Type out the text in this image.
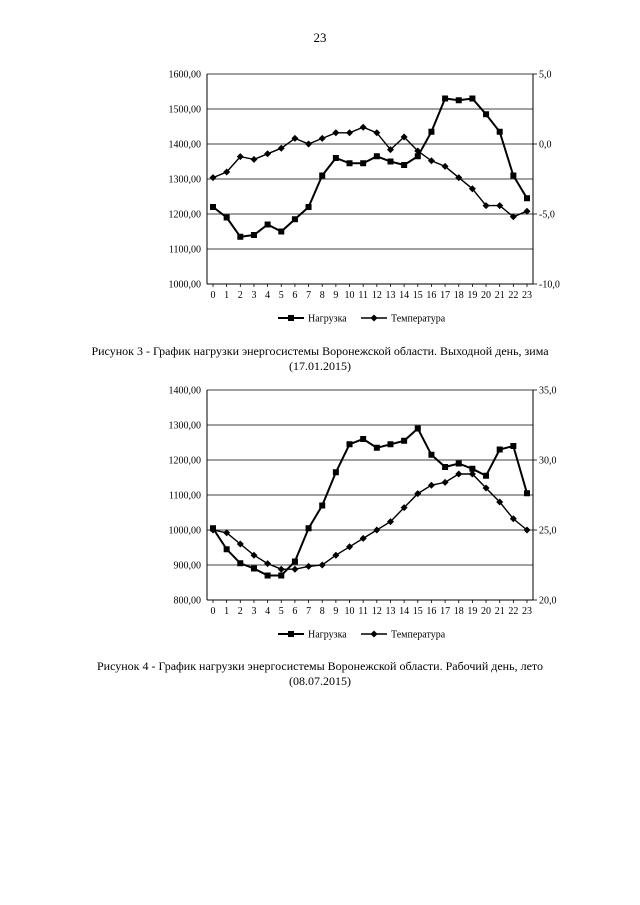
23
1000,00
1100,00
1200,00
1300,00
1400,00
1500,00
1600,00
-10,0
-5,0
0,0
5,0
0 1 2 3 4 5 6 7 8 9 10 11 12 13 14 15 16 17 18 19 20 21 22 23
Нагрузка	Температура
Рисунок 3 - График нагрузки энергосистемы Воронежской области. Выходной день, зима
(17.01.2015)
800,00
900,00
1000,00
1100,00
1200,00
1300,00
1400,00
20,0
25,0
30,0
35,0
0 1 2 3 4 5 6 7 8 9 10 11 12 13 14 15 16 17 18 19 20 21 22 23
Нагрузка	Температура
Рисунок 4 - График нагрузки энергосистемы Воронежской области. Рабочий день, лето
(08.07.2015)
